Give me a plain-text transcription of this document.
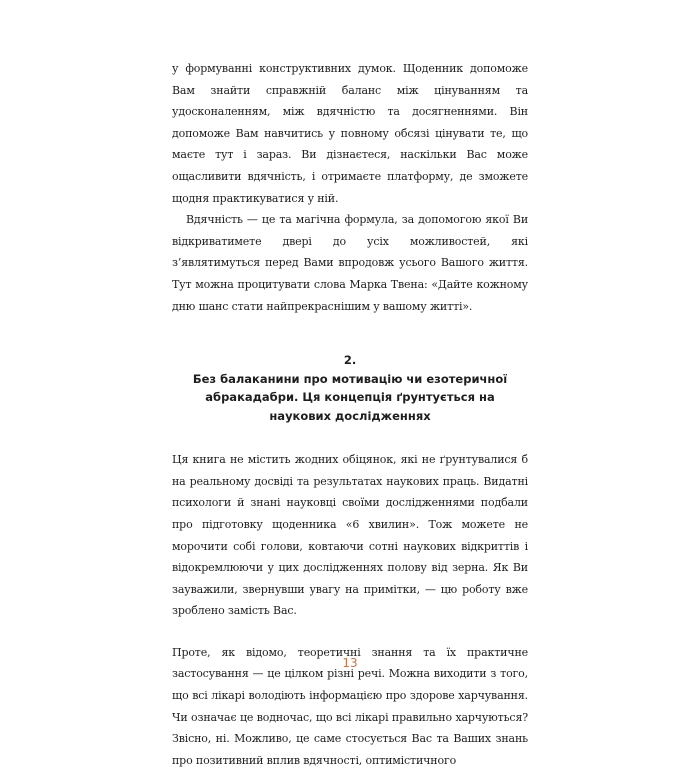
у формуванні конструктивних думок. Щоденник допоможе Вам знайти справжній баланс між цінуванням та удосконаленням, між вдячністю та досягненнями. Він допоможе Вам навчитись у повному обсязі цінувати те, що маєте тут і зараз. Ви дізнаєтеся, наскільки Вас може ощасливити вдячність, і отримаєте платформу, де зможете щодня практикуватися у ній.

Вдячність — це та магічна формула, за допомогою якої Ви відкриватимете двері до усіх можливостей, які з’являтимуться перед Вами впродовж усього Вашого життя. Тут можна процитувати слова Марка Твена: «Дайте кожному дню шанс стати найпрекраснішим у вашому житті».

2.
Без балаканини про мотивацію чи езотеричної абракадабри. Ця концепція ґрунтується на наукових дослідженнях

Ця книга не містить жодних обіцянок, які не ґрунтувалися б на реальному досвіді та результатах наукових праць. Видатні психологи й знані науковці своїми дослідженнями подбали про підготовку щоденника «6 хвилин». Тож можете не морочити собі голови, ковтаючи сотні наукових відкриттів і відокремлюючи у цих дослідженнях полову від зерна. Як Ви зауважили, звернувши увагу на примітки, — цю роботу вже зроблено замість Вас.

Проте, як відомо, теоретичні знання та їх практичне застосування — це цілком різні речі. Можна виходити з того, що всі лікарі володіють інформацією про здорове харчування. Чи означає це водночас, що всі лікарі правильно харчуються? Звісно, ні. Можливо, це саме стосується Вас та Ваших знань про позитивний вплив вдячності, оптимістичного

13
